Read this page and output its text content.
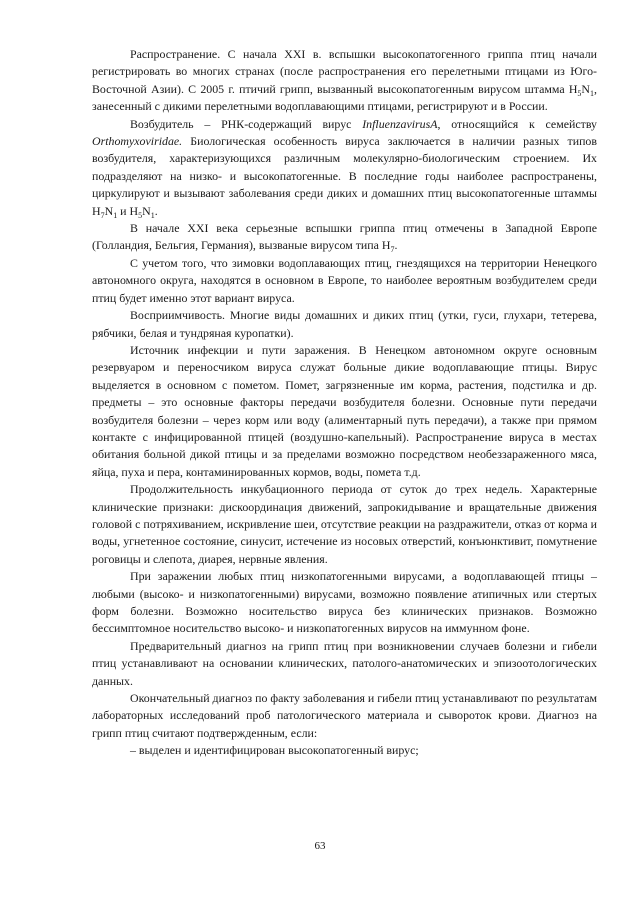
Распространение. С начала XXI в. вспышки высокопатогенного гриппа птиц начали регистрировать во многих странах (после распространения его перелетными птицами из Юго-Восточной Азии). С 2005 г. птичий грипп, вызванный высокопатогенным вирусом штамма $H_5N_1$, занесенный с дикими перелетными водоплавающими птицами, регистрируют и в России.

Возбудитель – РНК-содержащий вирус InfluenzavirusA, относящийся к семейству Orthomyxoviridae. Биологическая особенность вируса заключается в наличии разных типов возбудителя, характеризующихся различным молекулярно-биологическим строением. Их подразделяют на низко- и высокопатогенные. В последние годы наиболее распространены, циркулируют и вызывают заболевания среди диких и домашних птиц высокопатогенные штаммы $H_7N_1$ и $H_5N_1$.

В начале XXI века серьезные вспышки гриппа птиц отмечены в Западной Европе (Голландия, Бельгия, Германия), вызваные вирусом типа $H_7$.

С учетом того, что зимовки водоплавающих птиц, гнездящихся на территории Ненецкого автономного округа, находятся в основном в Европе, то наиболее вероятным возбудителем среди птиц будет именно этот вариант вируса.

Восприимчивость. Многие виды домашних и диких птиц (утки, гуси, глухари, тетерева, рябчики, белая и тундряная куропатки).

Источник инфекции и пути заражения. В Ненецком автономном округе основным резервуаром и переносчиком вируса служат больные дикие водоплавающие птицы. Вирус выделяется в основном с пометом. Помет, загрязненные им корма, растения, подстилка и др. предметы – это основные факторы передачи возбудителя болезни. Основные пути передачи возбудителя болезни – через корм или воду (алиментарный путь передачи), а также при прямом контакте с инфицированной птицей (воздушно-капельный). Распространение вируса в местах обитания больной дикой птицы и за пределами возможно посредством необеззараженного мяса, яйца, пуха и пера, контаминированных кормов, воды, помета т.д.

Продолжительность инкубационного периода от суток до трех недель. Характерные клинические признаки: дискоординация движений, запрокидывание и вращательные движения головой с потряхиванием, искривление шеи, отсутствие реакции на раздражители, отказ от корма и воды, угнетенное состояние, синусит, истечение из носовых отверстий, конъюнктивит, помутнение роговицы и слепота, диарея, нервные явления.

При заражении любых птиц низкопатогенными вирусами, а водоплавающей птицы – любыми (высоко- и низкопатогенными) вирусами, возможно появление атипичных или стертых форм болезни. Возможно носительство вируса без клинических признаков. Возможно бессимптомное носительство высоко- и низкопатогенных вирусов на иммунном фоне.

Предварительный диагноз на грипп птиц при возникновении случаев болезни и гибели птиц устанавливают на основании клинических, патолого-анатомических и эпизоотологических данных.

Окончательный диагноз по факту заболевания и гибели птиц устанавливают по результатам лабораторных исследований проб патологического материала и сывороток крови. Диагноз на грипп птиц считают подтвержденным, если:

– выделен и идентифицирован высокопатогенный вирус;

63
